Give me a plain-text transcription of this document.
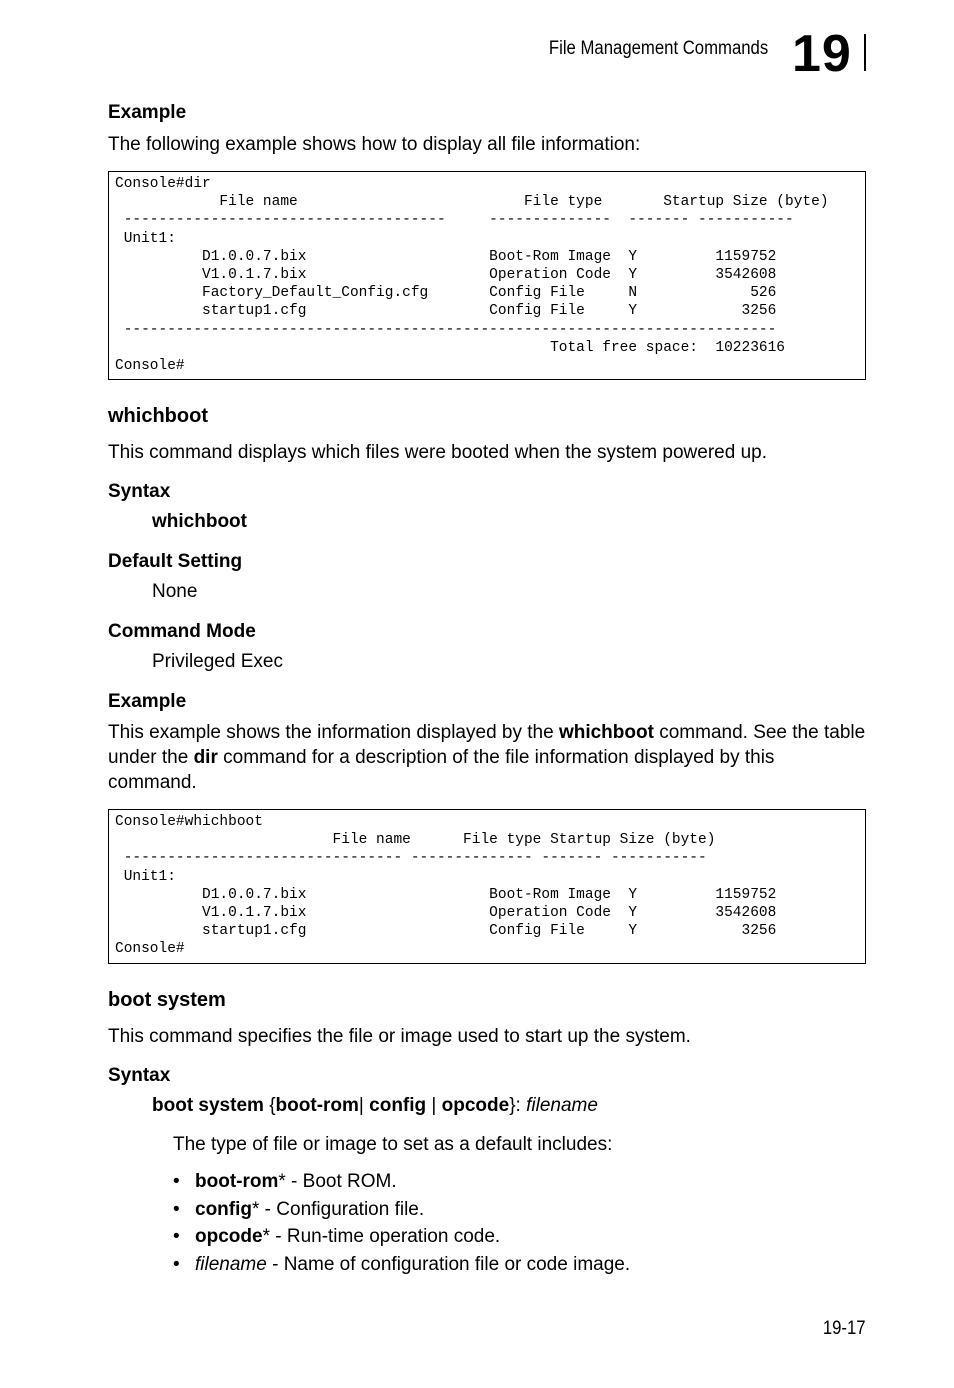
File Management Commands 19
Example
The following example shows how to display all file information:
Console#dir
File name                          File type       Startup Size (byte)
-------------------------------------     --------------  ------- -----------
Unit1:
D1.0.0.7.bix                     Boot-Rom Image  Y         1159752
V1.0.1.7.bix                     Operation Code  Y         3542608
Factory_Default_Config.cfg       Config File     N             526
startup1.cfg                     Config File     Y            3256
---------------------------------------------------------------------------
Total free space:  10223616
Console#
whichboot
This command displays which files were booted when the system powered up.
Syntax
whichboot
Default Setting
None
Command Mode
Privileged Exec
Example
This example shows the information displayed by the whichboot command. See the table under the dir command for a description of the file information displayed by this command.
Console#whichboot
File name      File type Startup Size (byte)
-------------------------------- -------------- ------- -----------
Unit1:
D1.0.0.7.bix                     Boot-Rom Image  Y         1159752
V1.0.1.7.bix                     Operation Code  Y         3542608
startup1.cfg                     Config File     Y            3256
Console#
boot system
This command specifies the file or image used to start up the system.
Syntax
boot system {boot-rom| config | opcode}: filename
The type of file or image to set as a default includes:
• boot-rom* - Boot ROM.
• config* - Configuration file.
• opcode* - Run-time operation code.
• filename - Name of configuration file or code image.
19-17
